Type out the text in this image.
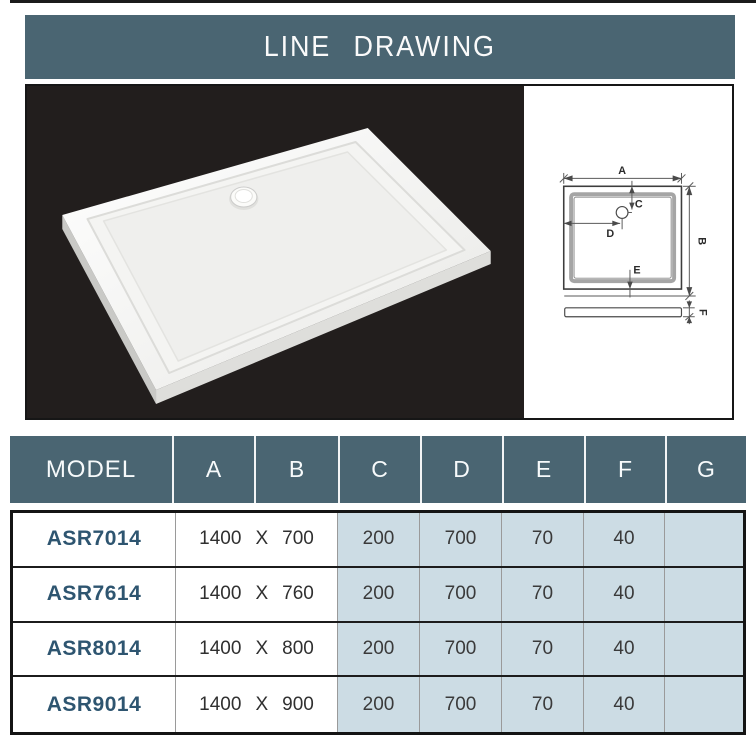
LINE DRAWING
A
B
C
D
E
F
MODEL	A	B	C	D	E	F	G
ASR7014	1400 X 700	200	700	70	40
ASR7614	1400 X 760	200	700	70	40
ASR8014	1400 X 800	200	700	70	40
ASR9014	1400 X 900	200	700	70	40
